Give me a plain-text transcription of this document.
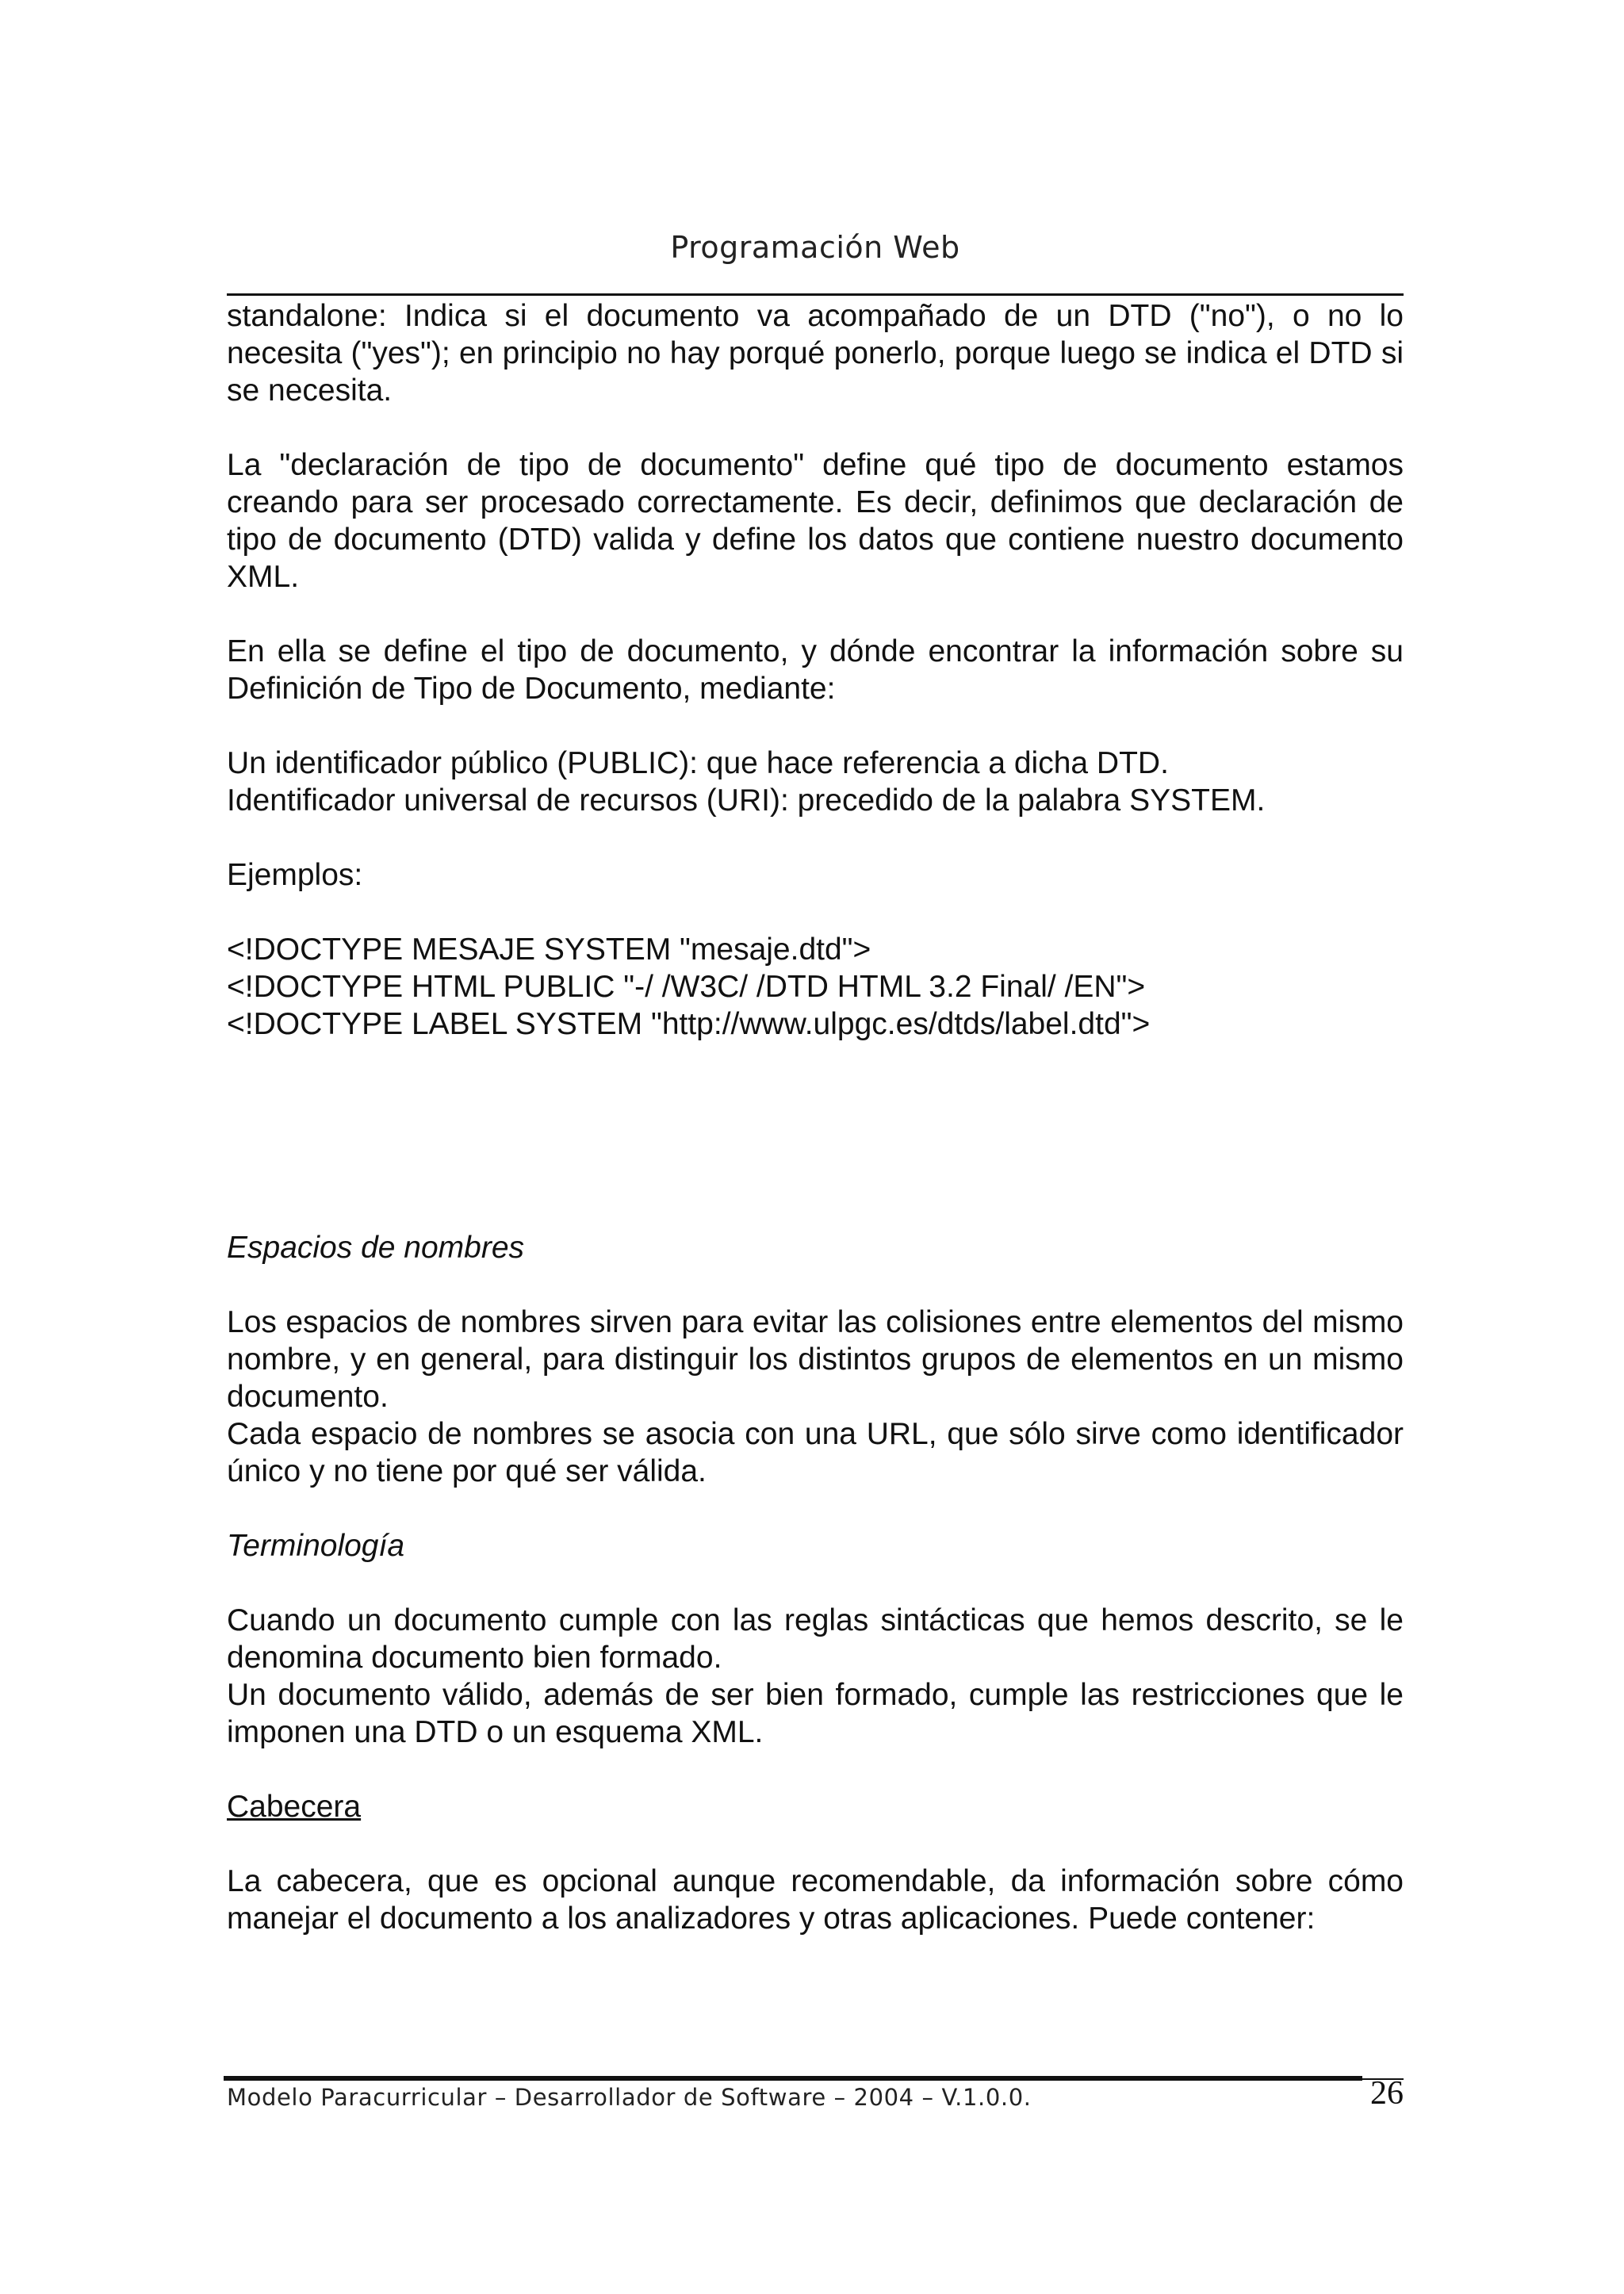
Programación Web

standalone: Indica si el documento va acompañado de un DTD ("no"), o no lo necesita ("yes"); en principio no hay porqué ponerlo, porque luego se indica el DTD si se necesita.

La "declaración de tipo de documento" define qué tipo de documento estamos creando para ser procesado correctamente. Es decir, definimos que declaración de tipo de documento (DTD) valida y define los datos que contiene nuestro documento XML.

En ella se define el tipo de documento, y dónde encontrar la información sobre su Definición de Tipo de Documento, mediante:

Un identificador público (PUBLIC): que hace referencia a dicha DTD.

Identificador universal de recursos (URI): precedido de la palabra SYSTEM.

Ejemplos:

<!DOCTYPE MESAJE SYSTEM "mesaje.dtd">

<!DOCTYPE HTML PUBLIC "-/ /W3C/ /DTD HTML 3.2 Final/ /EN">

<!DOCTYPE LABEL SYSTEM "http://www.ulpgc.es/dtds/label.dtd">

Espacios de nombres

Los espacios de nombres sirven para evitar las colisiones entre elementos del mismo nombre, y en general, para distinguir los distintos grupos de elementos en un mismo documento.

Cada espacio de nombres se asocia con una URL, que sólo sirve como identificador único y no tiene por qué ser válida.

Terminología

Cuando un documento cumple con las reglas sintácticas que hemos descrito, se le denomina documento bien formado.

Un documento válido, además de ser bien formado, cumple las restricciones que le imponen una DTD o un esquema XML.

Cabecera

La cabecera, que es opcional aunque recomendable, da información sobre cómo manejar el documento a los analizadores y otras aplicaciones. Puede contener:

Modelo Paracurricular – Desarrollador de Software – 2004 – V.1.0.0.	26
